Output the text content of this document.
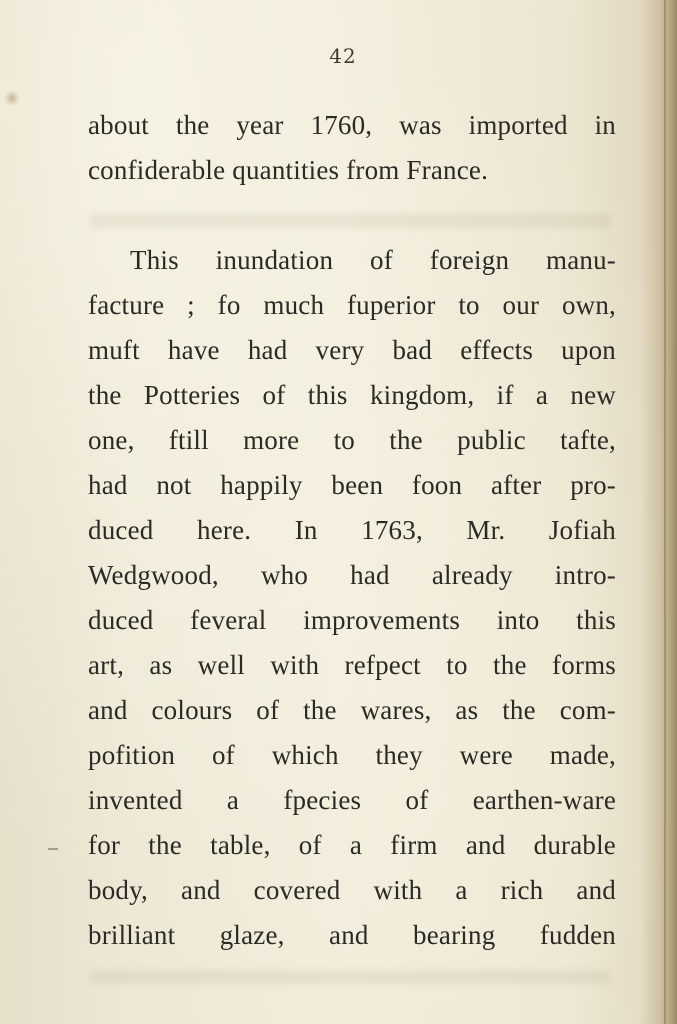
42
about the year 1760, was imported in
confiderable quantities from France.
This inundation of foreign manu-
facture ; fo much fuperior to our own,
muft have had very bad effects upon
the Potteries of this kingdom, if a new
one, ftill more to the public tafte,
had not happily been foon after pro-
duced here. In 1763, Mr. Jofiah
Wedgwood, who had already intro-
duced feveral improvements into this
art, as well with refpect to the forms
and colours of the wares, as the com-
pofition of which they were made,
invented a fpecies of earthen-ware
for the table, of a firm and durable
body, and covered with a rich and
brilliant glaze, and bearing fudden
